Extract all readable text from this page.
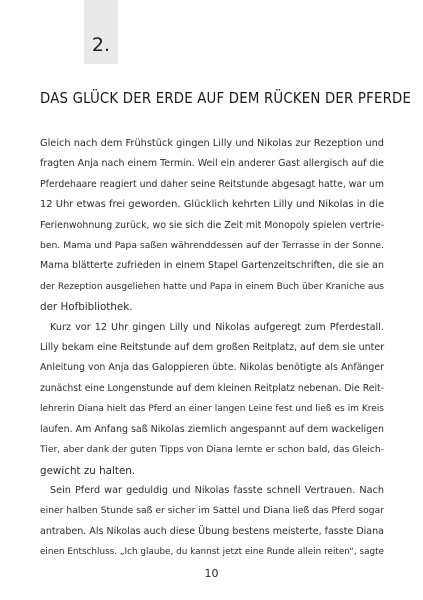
2.
DAS GLÜCK DER ERDE AUF DEM RÜCKEN DER PFERDE

Gleich nach dem Frühstück gingen Lilly und Nikolas zur Rezeption und
fragten Anja nach einem Termin. Weil ein anderer Gast allergisch auf die
Pferdehaare reagiert und daher seine Reitstunde abgesagt hatte, war um
12 Uhr etwas frei geworden. Glücklich kehrten Lilly und Nikolas in die
Ferienwohnung zurück, wo sie sich die Zeit mit Monopoly spielen vertrie-
ben. Mama und Papa saßen währenddessen auf der Terrasse in der Sonne.
Mama blätterte zufrieden in einem Stapel Gartenzeitschriften, die sie an
der Rezeption ausgeliehen hatte und Papa in einem Buch über Kraniche aus
der Hofbibliothek.

Kurz vor 12 Uhr gingen Lilly und Nikolas aufgeregt zum Pferdestall.
Lilly bekam eine Reitstunde auf dem großen Reitplatz, auf dem sie unter
Anleitung von Anja das Galoppieren übte. Nikolas benötigte als Anfänger
zunächst eine Longenstunde auf dem kleinen Reitplatz nebenan. Die Reit-
lehrerin Diana hielt das Pferd an einer langen Leine fest und ließ es im Kreis
laufen. Am Anfang saß Nikolas ziemlich angespannt auf dem wackeligen
Tier, aber dank der guten Tipps von Diana lernte er schon bald, das Gleich-
gewicht zu halten.

Sein Pferd war geduldig und Nikolas fasste schnell Vertrauen. Nach
einer halben Stunde saß er sicher im Sattel und Diana ließ das Pferd sogar
antraben. Als Nikolas auch diese Übung bestens meisterte, fasste Diana
einen Entschluss. „Ich glaube, du kannst jetzt eine Runde allein reiten“, sagte

10
